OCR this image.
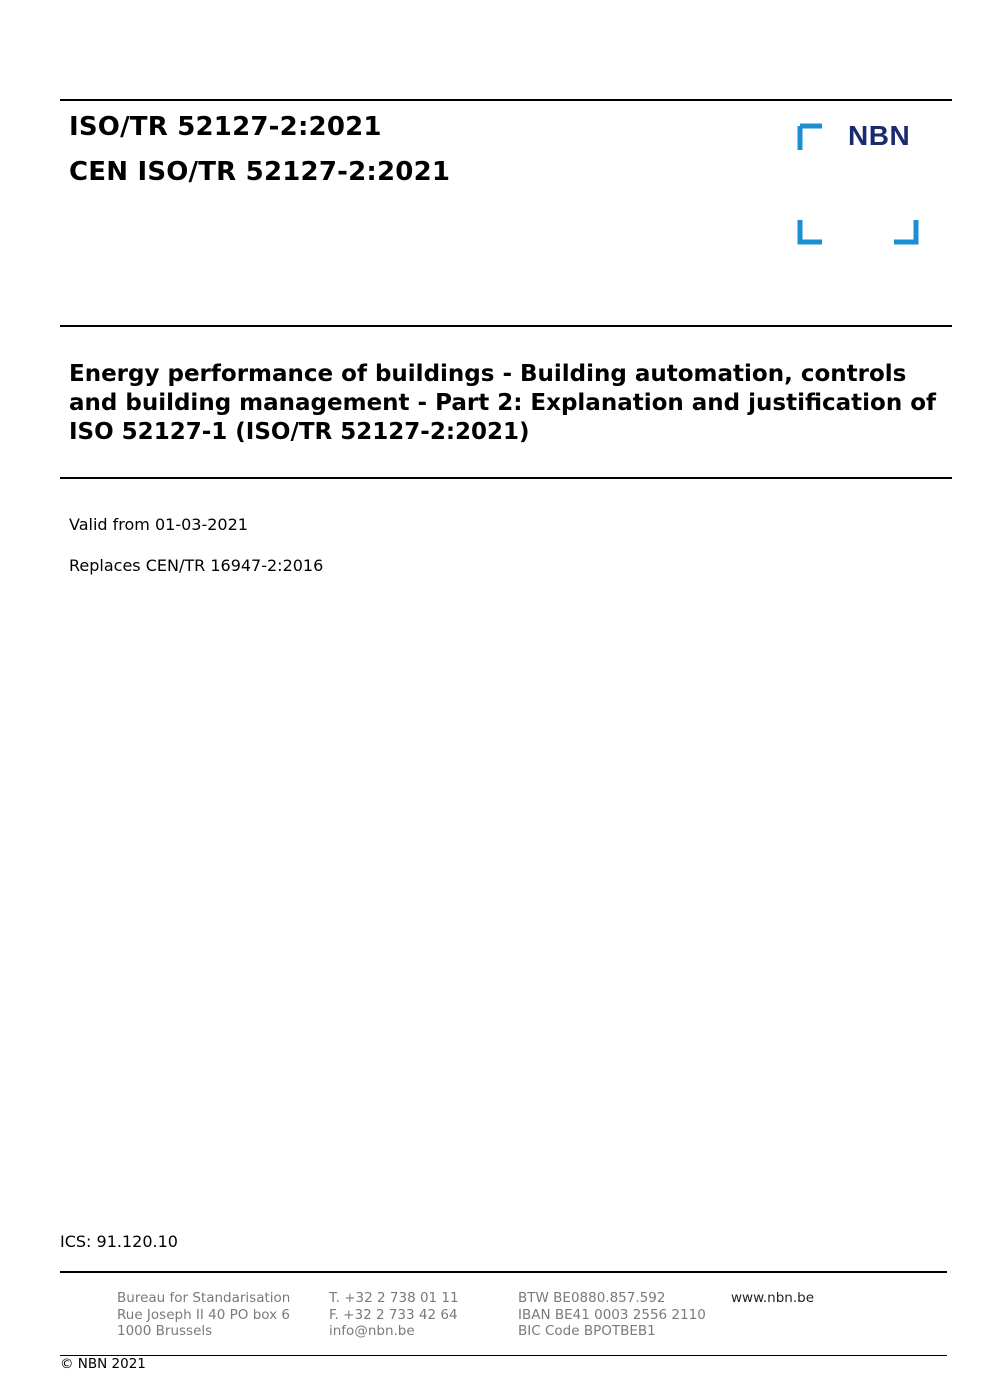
ISO/TR 52127-2:2021
CEN ISO/TR 52127-2:2021
NBN
Energy performance of buildings - Building automation, controls and building management - Part 2: Explanation and justification of ISO 52127-1 (ISO/TR 52127-2:2021)
Valid from 01-03-2021
Replaces CEN/TR 16947-2:2016
ICS: 91.120.10
Bureau for Standarisation
Rue Joseph II 40 PO box 6
1000 Brussels
T. +32 2 738 01 11
F. +32 2 733 42 64
info@nbn.be
BTW BE0880.857.592
IBAN BE41 0003 2556 2110
BIC Code BPOTBEB1
www.nbn.be
© NBN 2021
